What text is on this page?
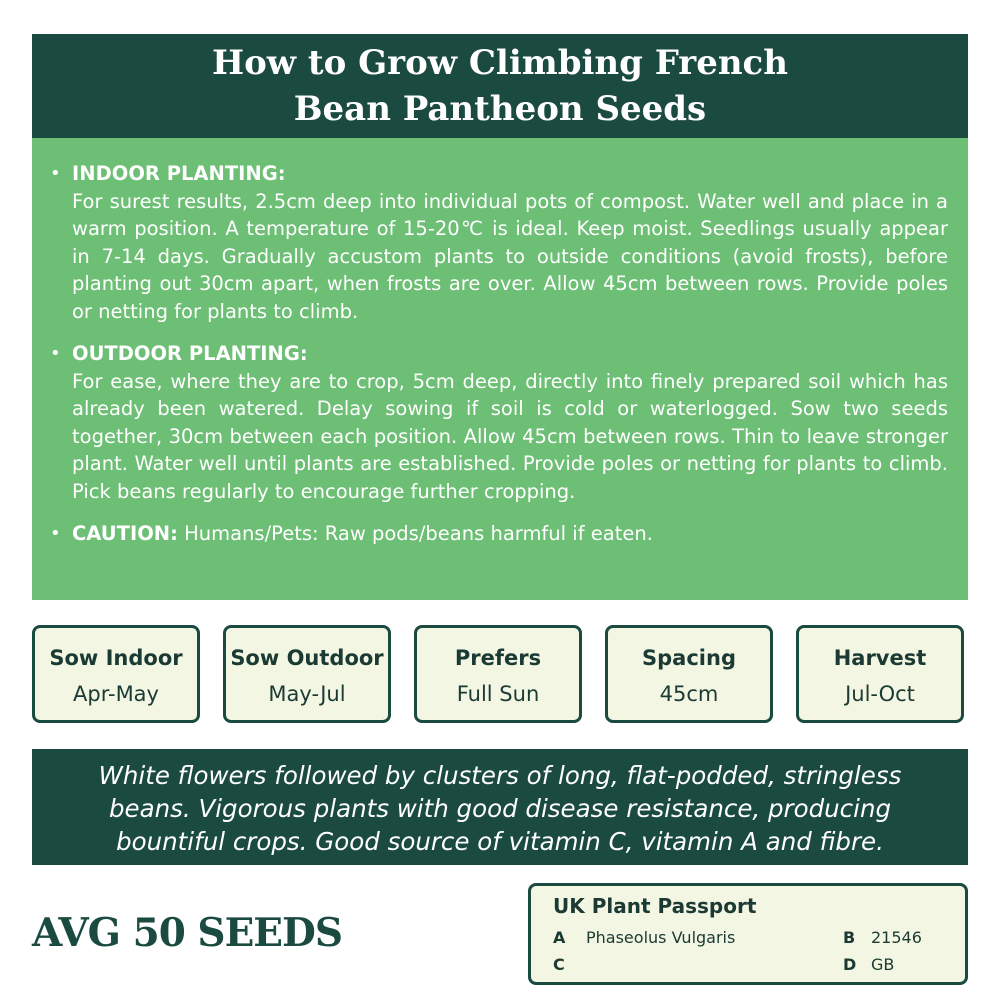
How to Grow Climbing French
Bean Pantheon Seeds
• INDOOR PLANTING:
For surest results, 2.5cm deep into individual pots of compost. Water well and place in a warm position. A temperature of 15-20℃ is ideal. Keep moist. Seedlings usually appear in 7-14 days. Gradually accustom plants to outside conditions (avoid frosts), before planting out 30cm apart, when frosts are over. Allow 45cm between rows. Provide poles or netting for plants to climb.
• OUTDOOR PLANTING:
For ease, where they are to crop, 5cm deep, directly into finely prepared soil which has already been watered. Delay sowing if soil is cold or waterlogged. Sow two seeds together, 30cm between each position. Allow 45cm between rows. Thin to leave stronger plant. Water well until plants are established. Provide poles or netting for plants to climb. Pick beans regularly to encourage further cropping.
• CAUTION: Humans/Pets: Raw pods/beans harmful if eaten.
Sow Indoor
Apr-May
Sow Outdoor
May-Jul
Prefers
Full Sun
Spacing
45cm
Harvest
Jul-Oct
White flowers followed by clusters of long, flat-podded, stringless
beans. Vigorous plants with good disease resistance, producing
bountiful crops. Good source of vitamin C, vitamin A and fibre.
AVG 50 SEEDS
UK Plant Passport
A Phaseolus Vulgaris	B 21546
C	D GB
